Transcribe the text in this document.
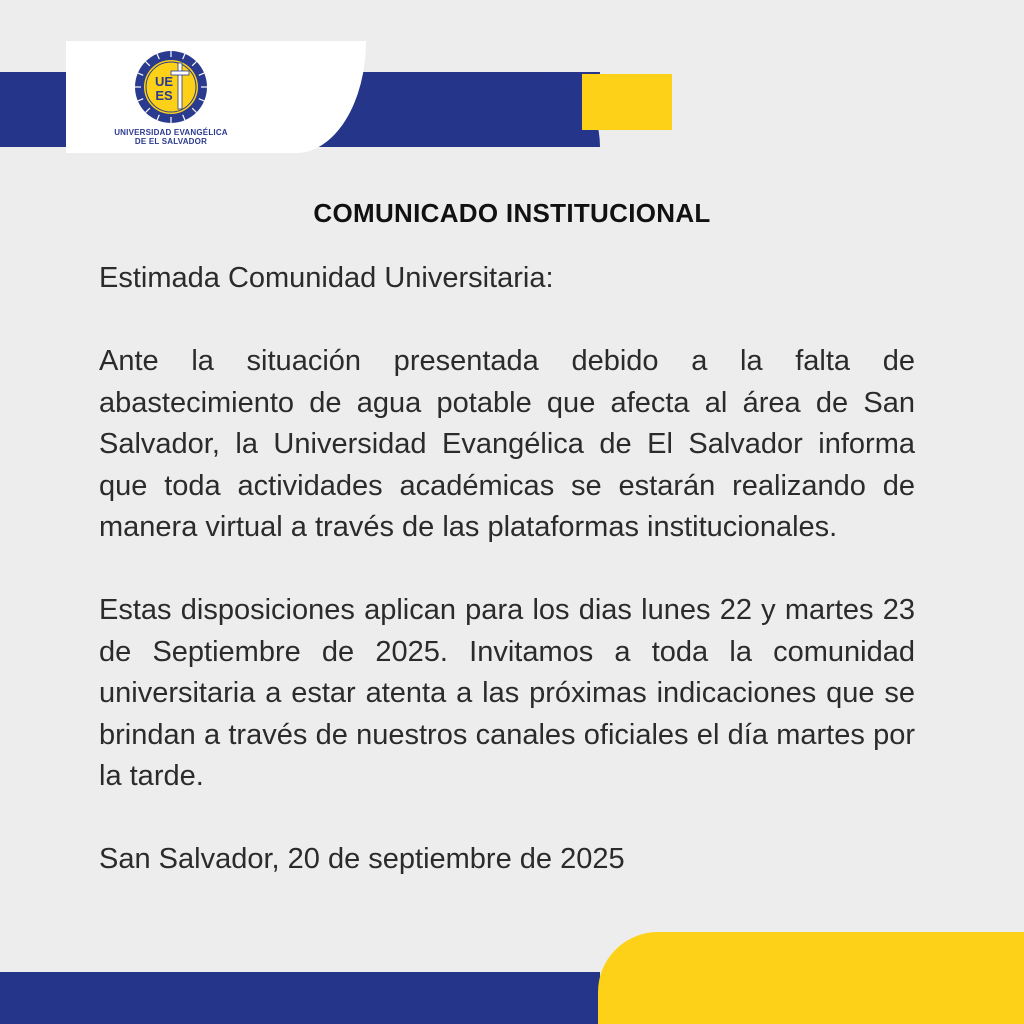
UE
ES
UNIVERSIDAD EVANGÉLICA
DE EL SALVADOR
COMUNICADO INSTITUCIONAL

Estimada Comunidad Universitaria:

Ante la situación presentada debido a la falta de abastecimiento de agua potable que afecta al área de San Salvador, la Universidad Evangélica de El Salvador informa que toda actividades académicas se estarán realizando de manera virtual a través de las plataformas institucionales.

Estas disposiciones aplican para los dias lunes 22 y martes 23 de Septiembre de 2025. Invitamos a toda la comunidad universitaria a estar atenta a las próximas indicaciones que se brindan a través de nuestros canales oficiales el día martes por la tarde.

San Salvador, 20 de septiembre de 2025
